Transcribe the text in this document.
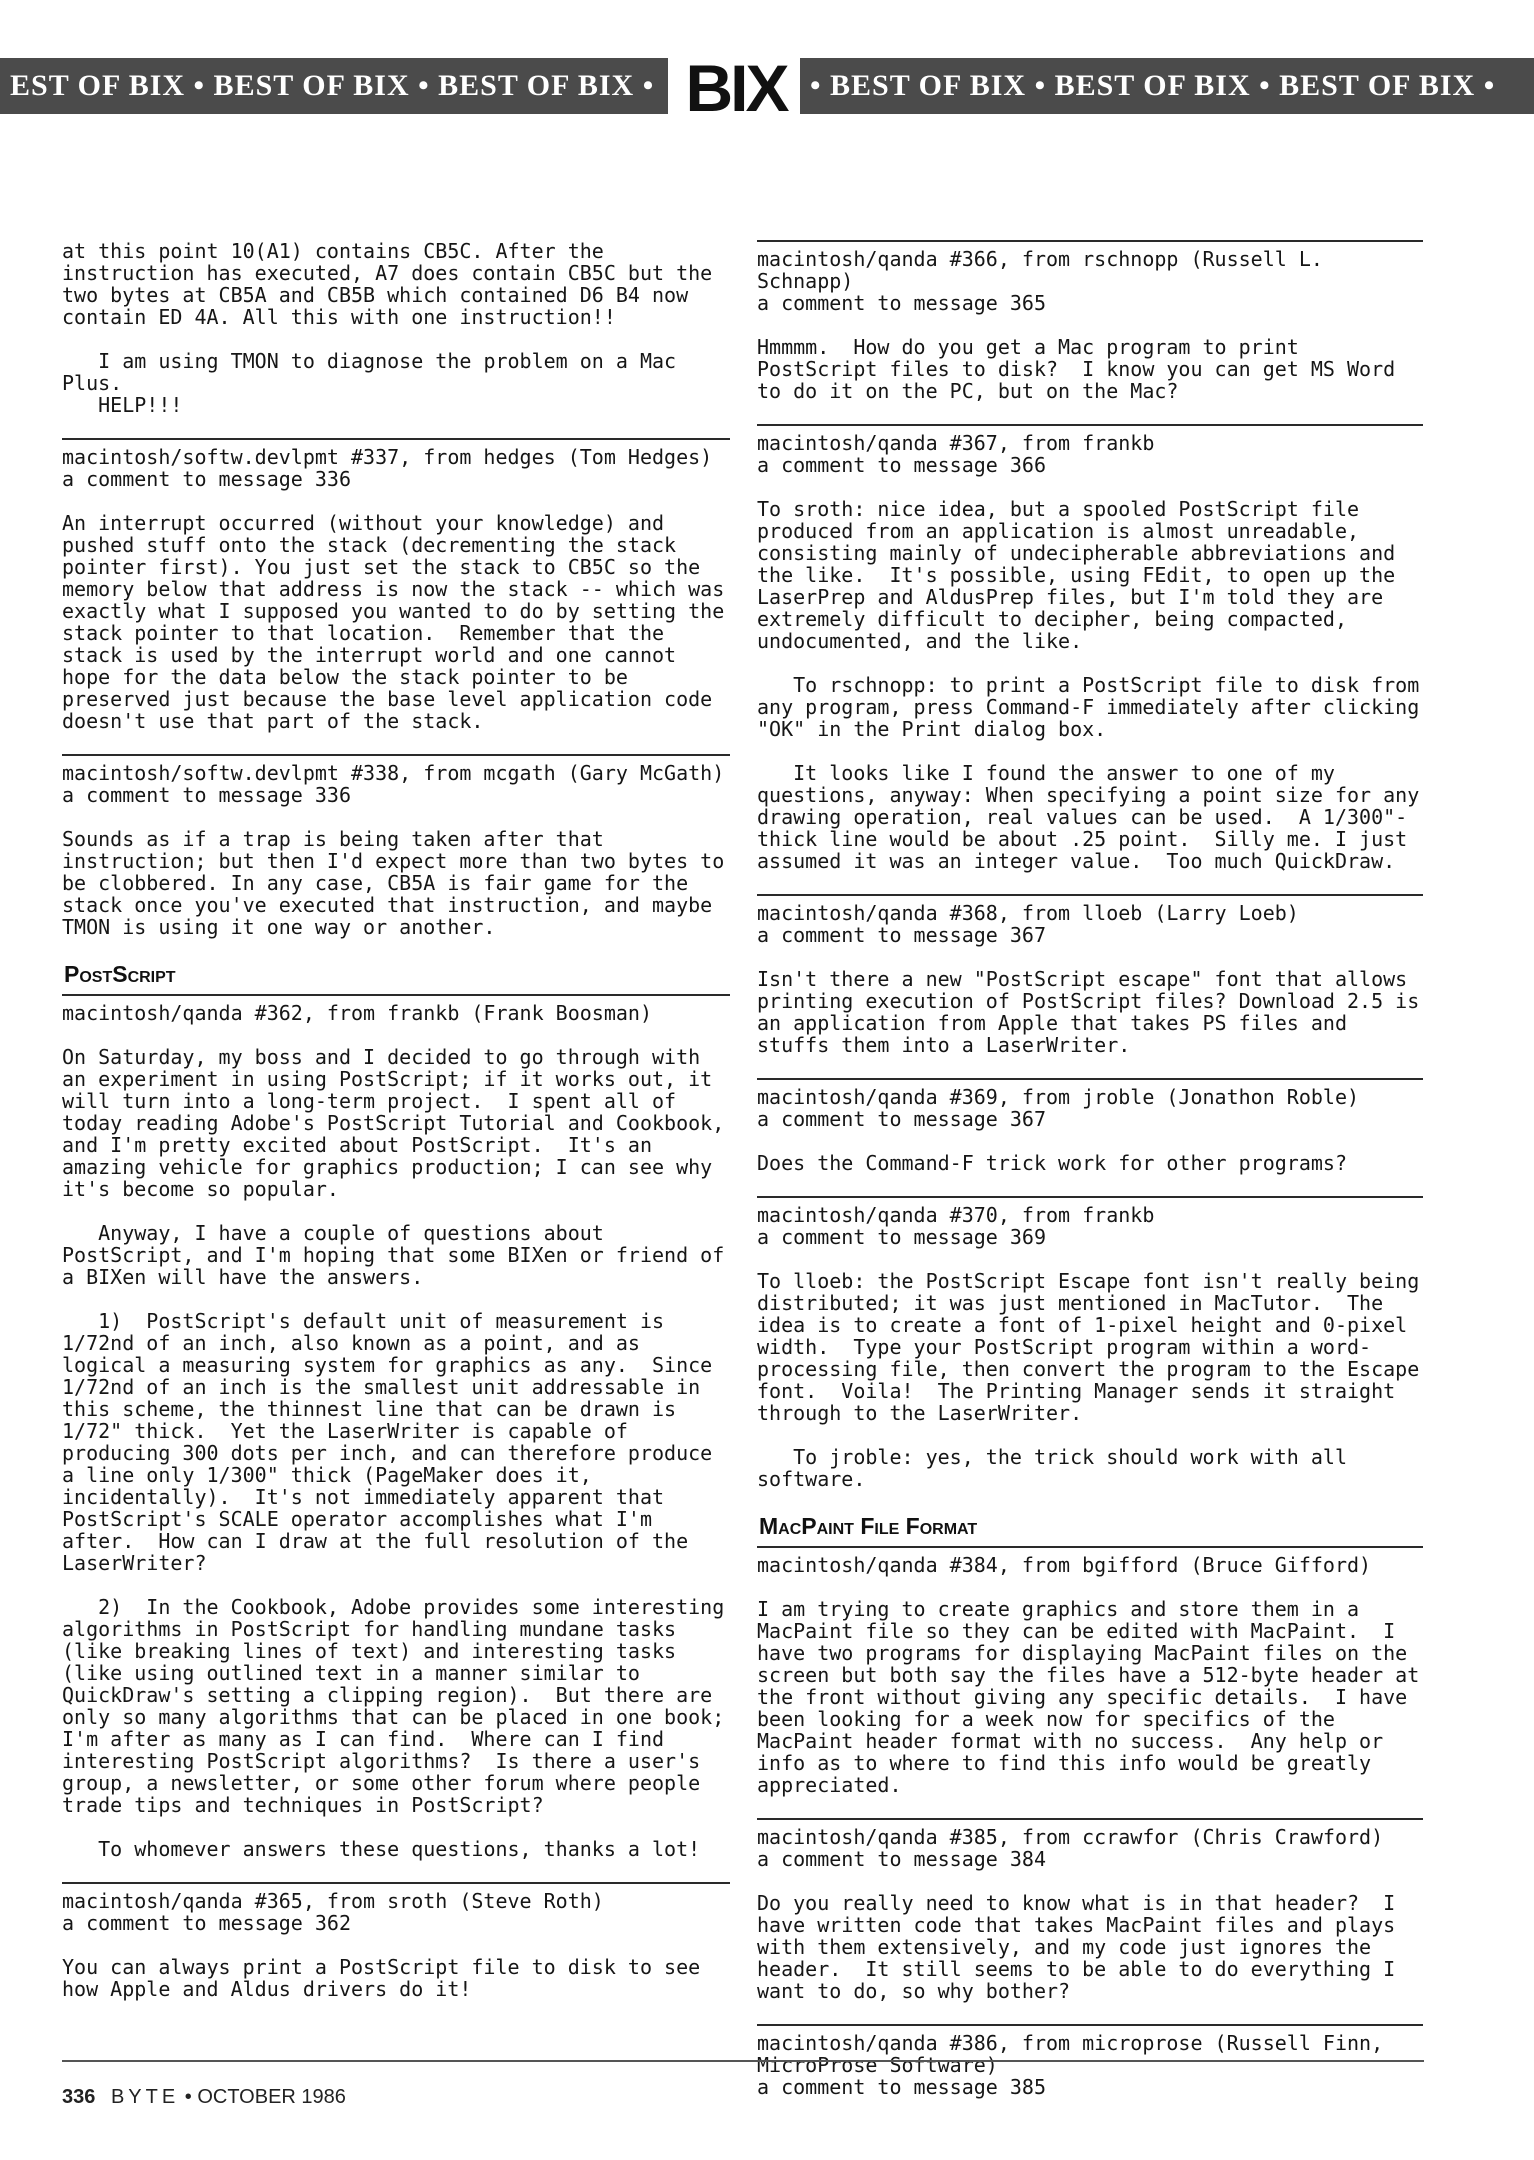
EST OF BIX • BEST OF BIX • BEST OF BIX • BIX • BEST OF BIX • BEST OF BIX • BEST OF BIX •
at this point 10(A1) contains CB5C. After the
instruction has executed, A7 does contain CB5C but the
two bytes at CB5A and CB5B which contained D6 B4 now
contain ED 4A. All this with one instruction!!
I am using TMON to diagnose the problem on a Mac
Plus.
HELP!!!
macintosh/softw.devlpmt #337, from hedges (Tom Hedges)
a comment to message 336
An interrupt occurred (without your knowledge) and
pushed stuff onto the stack (decrementing the stack
pointer first). You just set the stack to CB5C so the
memory below that address is now the stack -- which was
exactly what I supposed you wanted to do by setting the
stack pointer to that location.  Remember that the
stack is used by the interrupt world and one cannot
hope for the data below the stack pointer to be
preserved just because the base level application code
doesn't use that part of the stack.
macintosh/softw.devlpmt #338, from mcgath (Gary McGath)
a comment to message 336
Sounds as if a trap is being taken after that
instruction; but then I'd expect more than two bytes to
be clobbered. In any case, CB5A is fair game for the
stack once you've executed that instruction, and maybe
TMON is using it one way or another.
PostScript
macintosh/qanda #362, from frankb (Frank Boosman)
On Saturday, my boss and I decided to go through with
an experiment in using PostScript; if it works out, it
will turn into a long-term project.  I spent all of
today reading Adobe's PostScript Tutorial and Cookbook,
and I'm pretty excited about PostScript.  It's an
amazing vehicle for graphics production; I can see why
it's become so popular.
Anyway, I have a couple of questions about
PostScript, and I'm hoping that some BIXen or friend of
a BIXen will have the answers.
1)  PostScript's default unit of measurement is
1/72nd of an inch, also known as a point, and as
logical a measuring system for graphics as any.  Since
1/72nd of an inch is the smallest unit addressable in
this scheme, the thinnest line that can be drawn is
1/72" thick.  Yet the LaserWriter is capable of
producing 300 dots per inch, and can therefore produce
a line only 1/300" thick (PageMaker does it,
incidentally).  It's not immediately apparent that
PostScript's SCALE operator accomplishes what I'm
after.  How can I draw at the full resolution of the
LaserWriter?
2)  In the Cookbook, Adobe provides some interesting
algorithms in PostScript for handling mundane tasks
(like breaking lines of text) and interesting tasks
(like using outlined text in a manner similar to
QuickDraw's setting a clipping region).  But there are
only so many algorithms that can be placed in one book;
I'm after as many as I can find.  Where can I find
interesting PostScript algorithms?  Is there a user's
group, a newsletter, or some other forum where people
trade tips and techniques in PostScript?
To whomever answers these questions, thanks a lot!
macintosh/qanda #365, from sroth (Steve Roth)
a comment to message 362
You can always print a PostScript file to disk to see
how Apple and Aldus drivers do it!
macintosh/qanda #366, from rschnopp (Russell L.
Schnapp)
a comment to message 365
Hmmmm.  How do you get a Mac program to print
PostScript files to disk?  I know you can get MS Word
to do it on the PC, but on the Mac?
macintosh/qanda #367, from frankb
a comment to message 366
To sroth: nice idea, but a spooled PostScript file
produced from an application is almost unreadable,
consisting mainly of undecipherable abbreviations and
the like.  It's possible, using FEdit, to open up the
LaserPrep and AldusPrep files, but I'm told they are
extremely difficult to decipher, being compacted,
undocumented, and the like.
To rschnopp: to print a PostScript file to disk from
any program, press Command-F immediately after clicking
"OK" in the Print dialog box.
It looks like I found the answer to one of my
questions, anyway: When specifying a point size for any
drawing operation, real values can be used.  A 1/300"-
thick line would be about .25 point.  Silly me. I just
assumed it was an integer value.  Too much QuickDraw.
macintosh/qanda #368, from lloeb (Larry Loeb)
a comment to message 367
Isn't there a new "PostScript escape" font that allows
printing execution of PostScript files? Download 2.5 is
an application from Apple that takes PS files and
stuffs them into a LaserWriter.
macintosh/qanda #369, from jroble (Jonathon Roble)
a comment to message 367
Does the Command-F trick work for other programs?
macintosh/qanda #370, from frankb
a comment to message 369
To lloeb: the PostScript Escape font isn't really being
distributed; it was just mentioned in MacTutor.  The
idea is to create a font of 1-pixel height and 0-pixel
width.  Type your PostScript program within a word-
processing file, then convert the program to the Escape
font.  Voila!  The Printing Manager sends it straight
through to the LaserWriter.
To jroble: yes, the trick should work with all
software.
MacPaint File Format
macintosh/qanda #384, from bgifford (Bruce Gifford)
I am trying to create graphics and store them in a
MacPaint file so they can be edited with MacPaint.  I
have two programs for displaying MacPaint files on the
screen but both say the files have a 512-byte header at
the front without giving any specific details.  I have
been looking for a week now for specifics of the
MacPaint header format with no success.  Any help or
info as to where to find this info would be greatly
appreciated.
macintosh/qanda #385, from ccrawfor (Chris Crawford)
a comment to message 384
Do you really need to know what is in that header?  I
have written code that takes MacPaint files and plays
with them extensively, and my code just ignores the
header.  It still seems to be able to do everything I
want to do, so why bother?
macintosh/qanda #386, from microprose (Russell Finn,
MicroProse Software)
a comment to message 385
336 BYTE • OCTOBER 1986
